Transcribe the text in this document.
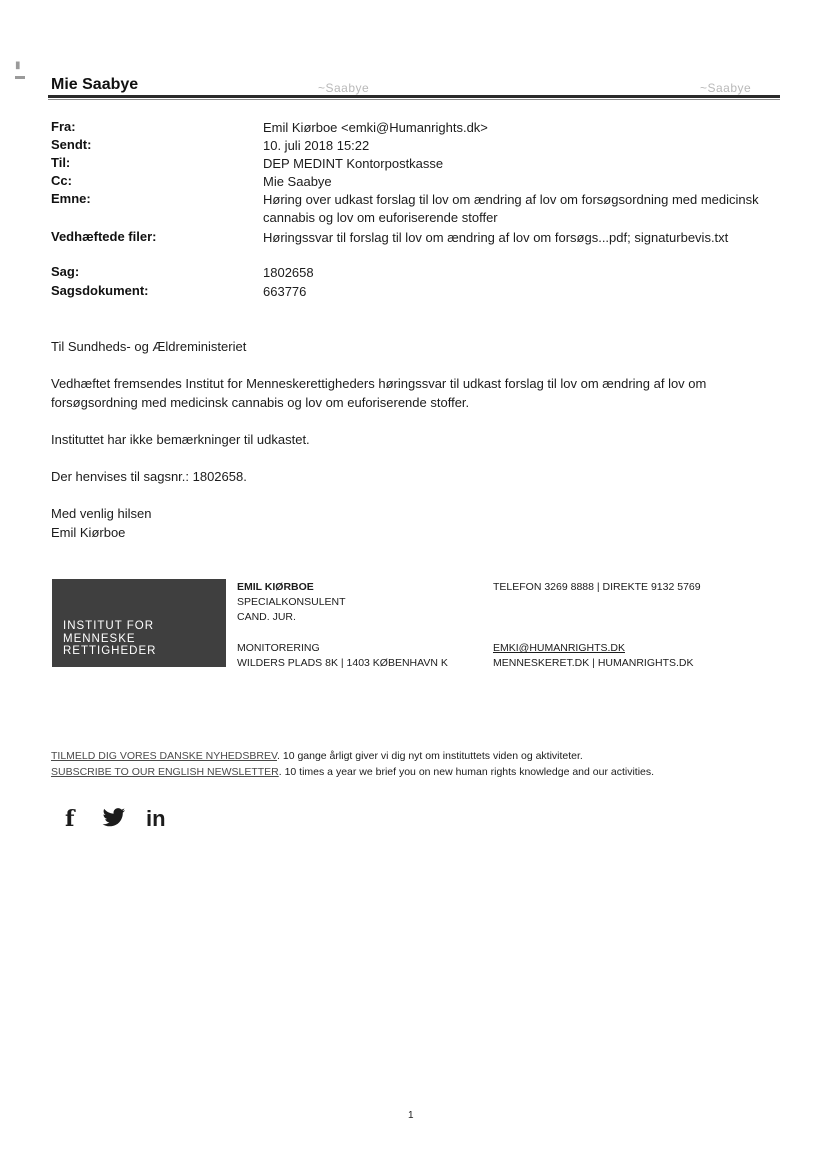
▮
▬ Mie Saabye	~Saabye	~Saabye
Fra:	Emil Kiørboe <emki@Humanrights.dk>
Sendt:	10. juli 2018 15:22
Til:	DEP MEDINT Kontorpostkasse
Cc:	Mie Saabye
Emne:	Høring over udkast forslag til lov om ændring af lov om forsøgsordning med medicinsk cannabis og lov om euforiserende stoffer
Vedhæftede filer:	Høringssvar til forslag til lov om ændring af lov om forsøgs...pdf; signaturbevis.txt
Sag:	1802658
Sagsdokument:	663776
Til Sundheds- og Ældreministeriet
Vedhæftet fremsendes Institut for Menneskerettigheders høringssvar til udkast forslag til lov om ændring af lov om forsøgsordning med medicinsk cannabis og lov om euforiserende stoffer.
Instituttet har ikke bemærkninger til udkastet.
Der henvises til sagsnr.: 1802658.
Med venlig hilsen
Emil Kiørboe
INSTITUT FOR
MENNESKE
RETTIGHEDER
EMIL KIØRBOE
SPECIALKONSULENT
CAND. JUR.
MONITORERING
WILDERS PLADS 8K | 1403 KØBENHAVN K
TELEFON 3269 8888 | DIREKTE 9132 5769
EMKI@HUMANRIGHTS.DK
MENNESKERET.DK | HUMANRIGHTS.DK
TILMELD DIG VORES DANSKE NYHEDSBREV. 10 gange årligt giver vi dig nyt om instituttets viden og aktiviteter.
SUBSCRIBE TO OUR ENGLISH NEWSLETTER. 10 times a year we brief you on new human rights knowledge and our activities.
f	in
1
